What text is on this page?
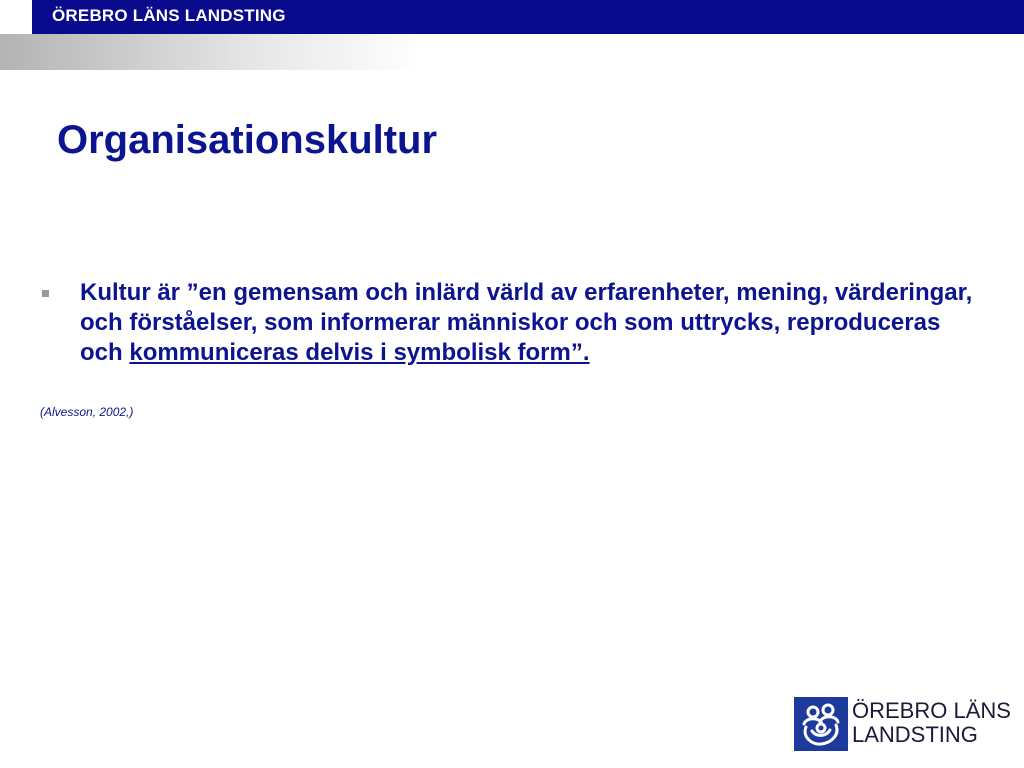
ÖREBRO LÄNS LANDSTING
Organisationskultur

Kultur är ”en gemensam och inlärd värld av erfarenheter, mening, värderingar, och förståelser, som informerar människor och som uttrycks, reproduceras och kommuniceras delvis i symbolisk form”.

(Alvesson, 2002,)
ÖREBRO LÄNS
LANDSTING
